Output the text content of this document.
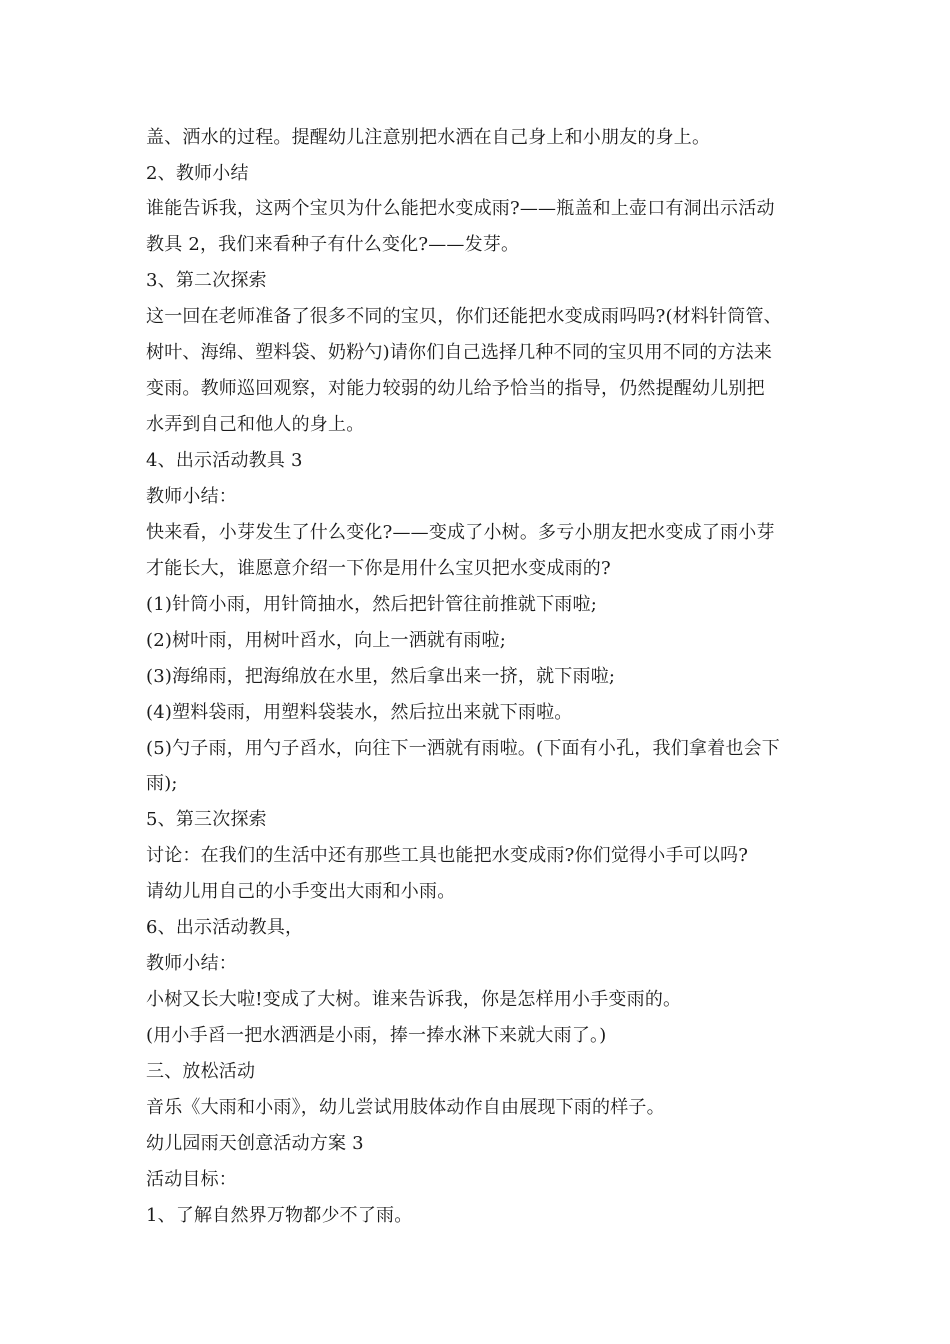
盖、洒水的过程。提醒幼儿注意别把水洒在自己身上和小朋友的身上。
2、教师小结
谁能告诉我，这两个宝贝为什么能把水变成雨?——瓶盖和上壶口有洞出示活动
教具 2，我们来看种子有什么变化?——发芽。
3、第二次探索
这一回在老师准备了很多不同的宝贝，你们还能把水变成雨吗吗?(材料针筒管、
树叶、海绵、塑料袋、奶粉勺)请你们自己选择几种不同的宝贝用不同的方法来
变雨。教师巡回观察，对能力较弱的幼儿给予恰当的指导，仍然提醒幼儿别把
水弄到自己和他人的身上。
4、出示活动教具 3
教师小结：
快来看，小芽发生了什么变化?——变成了小树。多亏小朋友把水变成了雨小芽
才能长大，谁愿意介绍一下你是用什么宝贝把水变成雨的?
(1)针筒小雨，用针筒抽水，然后把针管往前推就下雨啦;
(2)树叶雨，用树叶舀水，向上一洒就有雨啦;
(3)海绵雨，把海绵放在水里，然后拿出来一挤，就下雨啦;
(4)塑料袋雨，用塑料袋装水，然后拉出来就下雨啦。
(5)勺子雨，用勺子舀水，向往下一洒就有雨啦。(下面有小孔，我们拿着也会下
雨);
5、第三次探索
讨论：在我们的生活中还有那些工具也能把水变成雨?你们觉得小手可以吗?
请幼儿用自己的小手变出大雨和小雨。
6、出示活动教具，
教师小结：
小树又长大啦!变成了大树。谁来告诉我，你是怎样用小手变雨的。
(用小手舀一把水洒洒是小雨，捧一捧水淋下来就大雨了。)
三、放松活动
音乐《大雨和小雨》，幼儿尝试用肢体动作自由展现下雨的样子。
幼儿园雨天创意活动方案 3
活动目标：
1、了解自然界万物都少不了雨。
